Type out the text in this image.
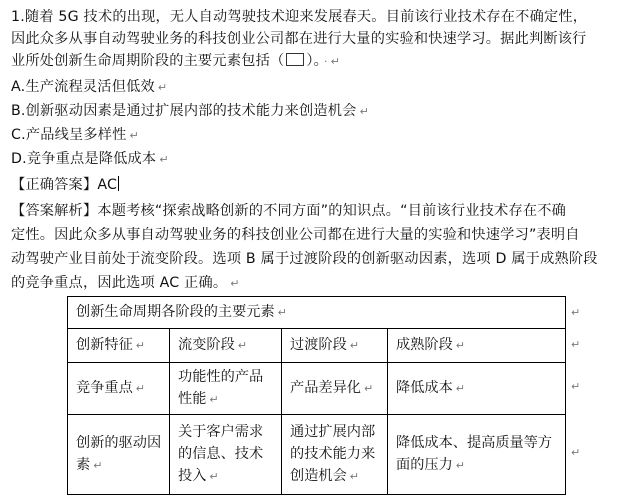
1.随着 5G 技术的出现，无人自动驾驶技术迎来发展春天。目前该行业技术存在不确定性，
因此众多从事自动驾驶业务的科技创业公司都在进行大量的实验和快速学习。据此判断该行
业所处创新生命周期阶段的主要元素包括（ ）。 · ↵
A.生产流程灵活但低效 ↵
B.创新驱动因素是通过扩展内部的技术能力来创造机会 ↵
C.产品线呈多样性 ↵
D.竞争重点是降低成本 ↵
【正确答案】AC
【答案解析】本题考核“探索战略创新的不同方面”的知识点。“目前该行业技术存在不确
定性。因此众多从事自动驾驶业务的科技创业公司都在进行大量的实验和快速学习”表明自
动驾驶产业目前处于流变阶段。选项 B 属于过渡阶段的创新驱动因素，选项 D 属于成熟阶段
的竞争重点，因此选项 AC 正确。 ↵
创新生命周期各阶段的主要元素 ↵			
创新特征 ↵	流变阶段 ↵	过渡阶段 ↵	成熟阶段 ↵
竞争重点 ↵	功能性的产品性能 ↵	产品差异化 ↵	降低成本 ↵
创新的驱动因素 ↵	关于客户需求的信息、技术投入 ↵	通过扩展内部的技术能力来创造机会 ↵	降低成本、提高质量等方面的压力 ↵
↵
↵
↵
↵
